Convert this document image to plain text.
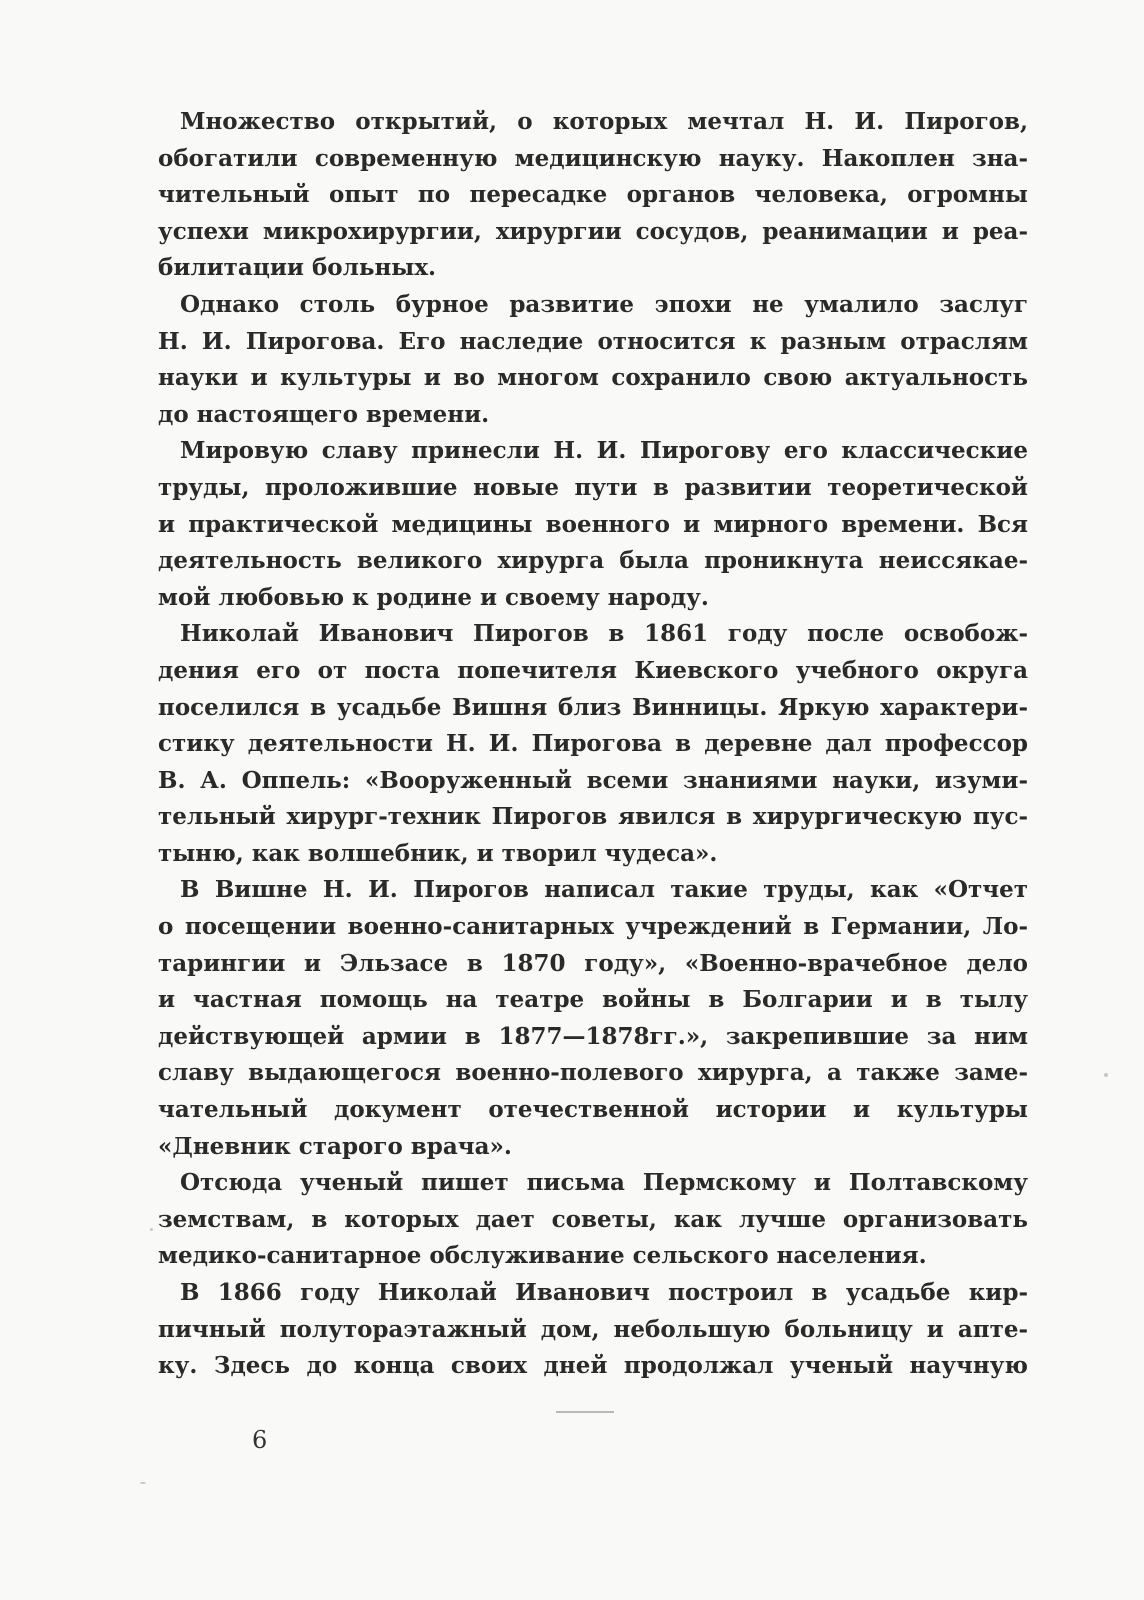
Множество открытий, о которых мечтал Н. И. Пирогов,
обогатили современную медицинскую науку. Накоплен зна-
чительный опыт по пересадке органов человека, огромны
успехи микрохирургии, хирургии сосудов, реанимации и реа-
билитации больных.
Однако столь бурное развитие эпохи не умалило заслуг
Н. И. Пирогова. Его наследие относится к разным отраслям
науки и культуры и во многом сохранило свою актуальность
до настоящего времени.
Мировую славу принесли Н. И. Пирогову его классические
труды, проложившие новые пути в развитии теоретической
и практической медицины военного и мирного времени. Вся
деятельность великого хирурга была проникнута неиссякае-
мой любовью к родине и своему народу.
Николай Иванович Пирогов в 1861 году после освобож-
дения его от поста попечителя Киевского учебного округа
поселился в усадьбе Вишня близ Винницы. Яркую характери-
стику деятельности Н. И. Пирогова в деревне дал профессор
В. А. Оппель: «Вооруженный всеми знаниями науки, изуми-
тельный хирург-техник Пирогов явился в хирургическую пус-
тыню, как волшебник, и творил чудеса».
В Вишне Н. И. Пирогов написал такие труды, как «Отчет
о посещении военно-санитарных учреждений в Германии, Ло-
тарингии и Эльзасе в 1870 году», «Военно-врачебное дело
и частная помощь на театре войны в Болгарии и в тылу
действующей армии в 1877—1878гг.», закрепившие за ним
славу выдающегося военно-полевого хирурга, а также заме-
чательный документ отечественной истории и культуры
«Дневник старого врача».
Отсюда ученый пишет письма Пермскому и Полтавскому
земствам, в которых дает советы, как лучше организовать
медико-санитарное обслуживание сельского населения.
В 1866 году Николай Иванович построил в усадьбе кир-
пичный полутораэтажный дом, небольшую больницу и апте-
ку. Здесь до конца своих дней продолжал ученый научную
6
